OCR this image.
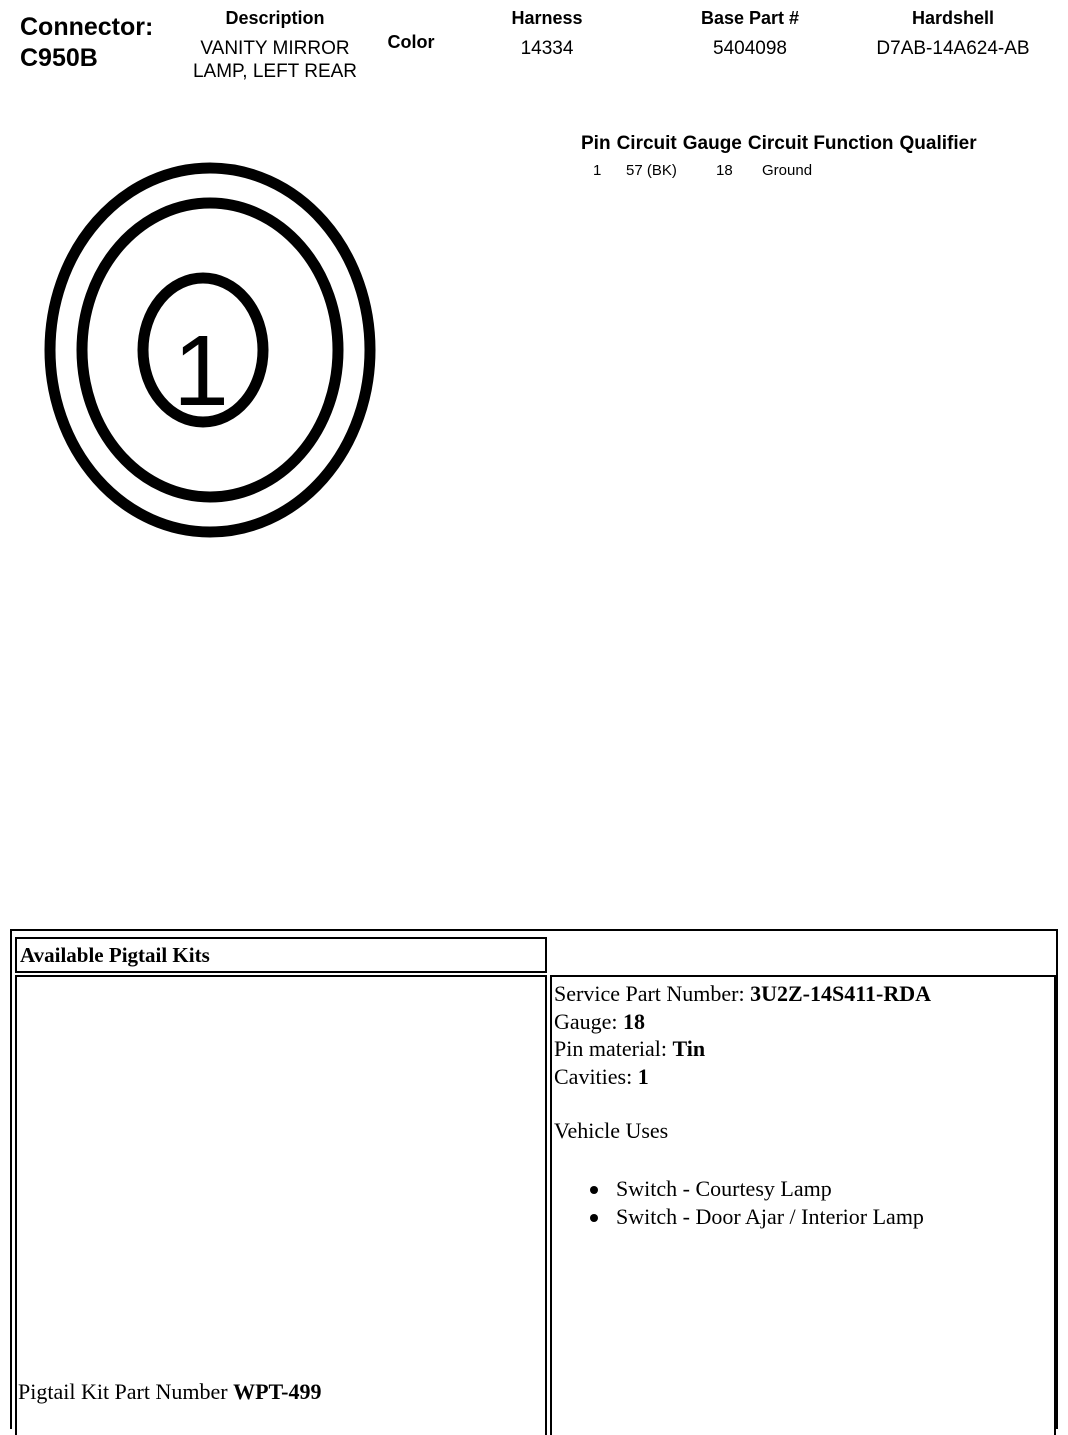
Connector:
C950B
Description
VANITY MIRROR
LAMP, LEFT REAR
Color
Harness
14334
Base Part #
5404098
Hardshell
D7AB-14A624-AB
Pin Circuit Gauge Circuit Function Qualifier
1 57 (BK)	18 Ground
1
Available Pigtail Kits
Service Part Number: 3U2Z-14S411-RDA
Gauge: 18
Pin material: Tin
Cavities: 1
Vehicle Uses
Switch - Courtesy Lamp
Switch - Door Ajar / Interior Lamp
Pigtail Kit Part Number WPT-499
